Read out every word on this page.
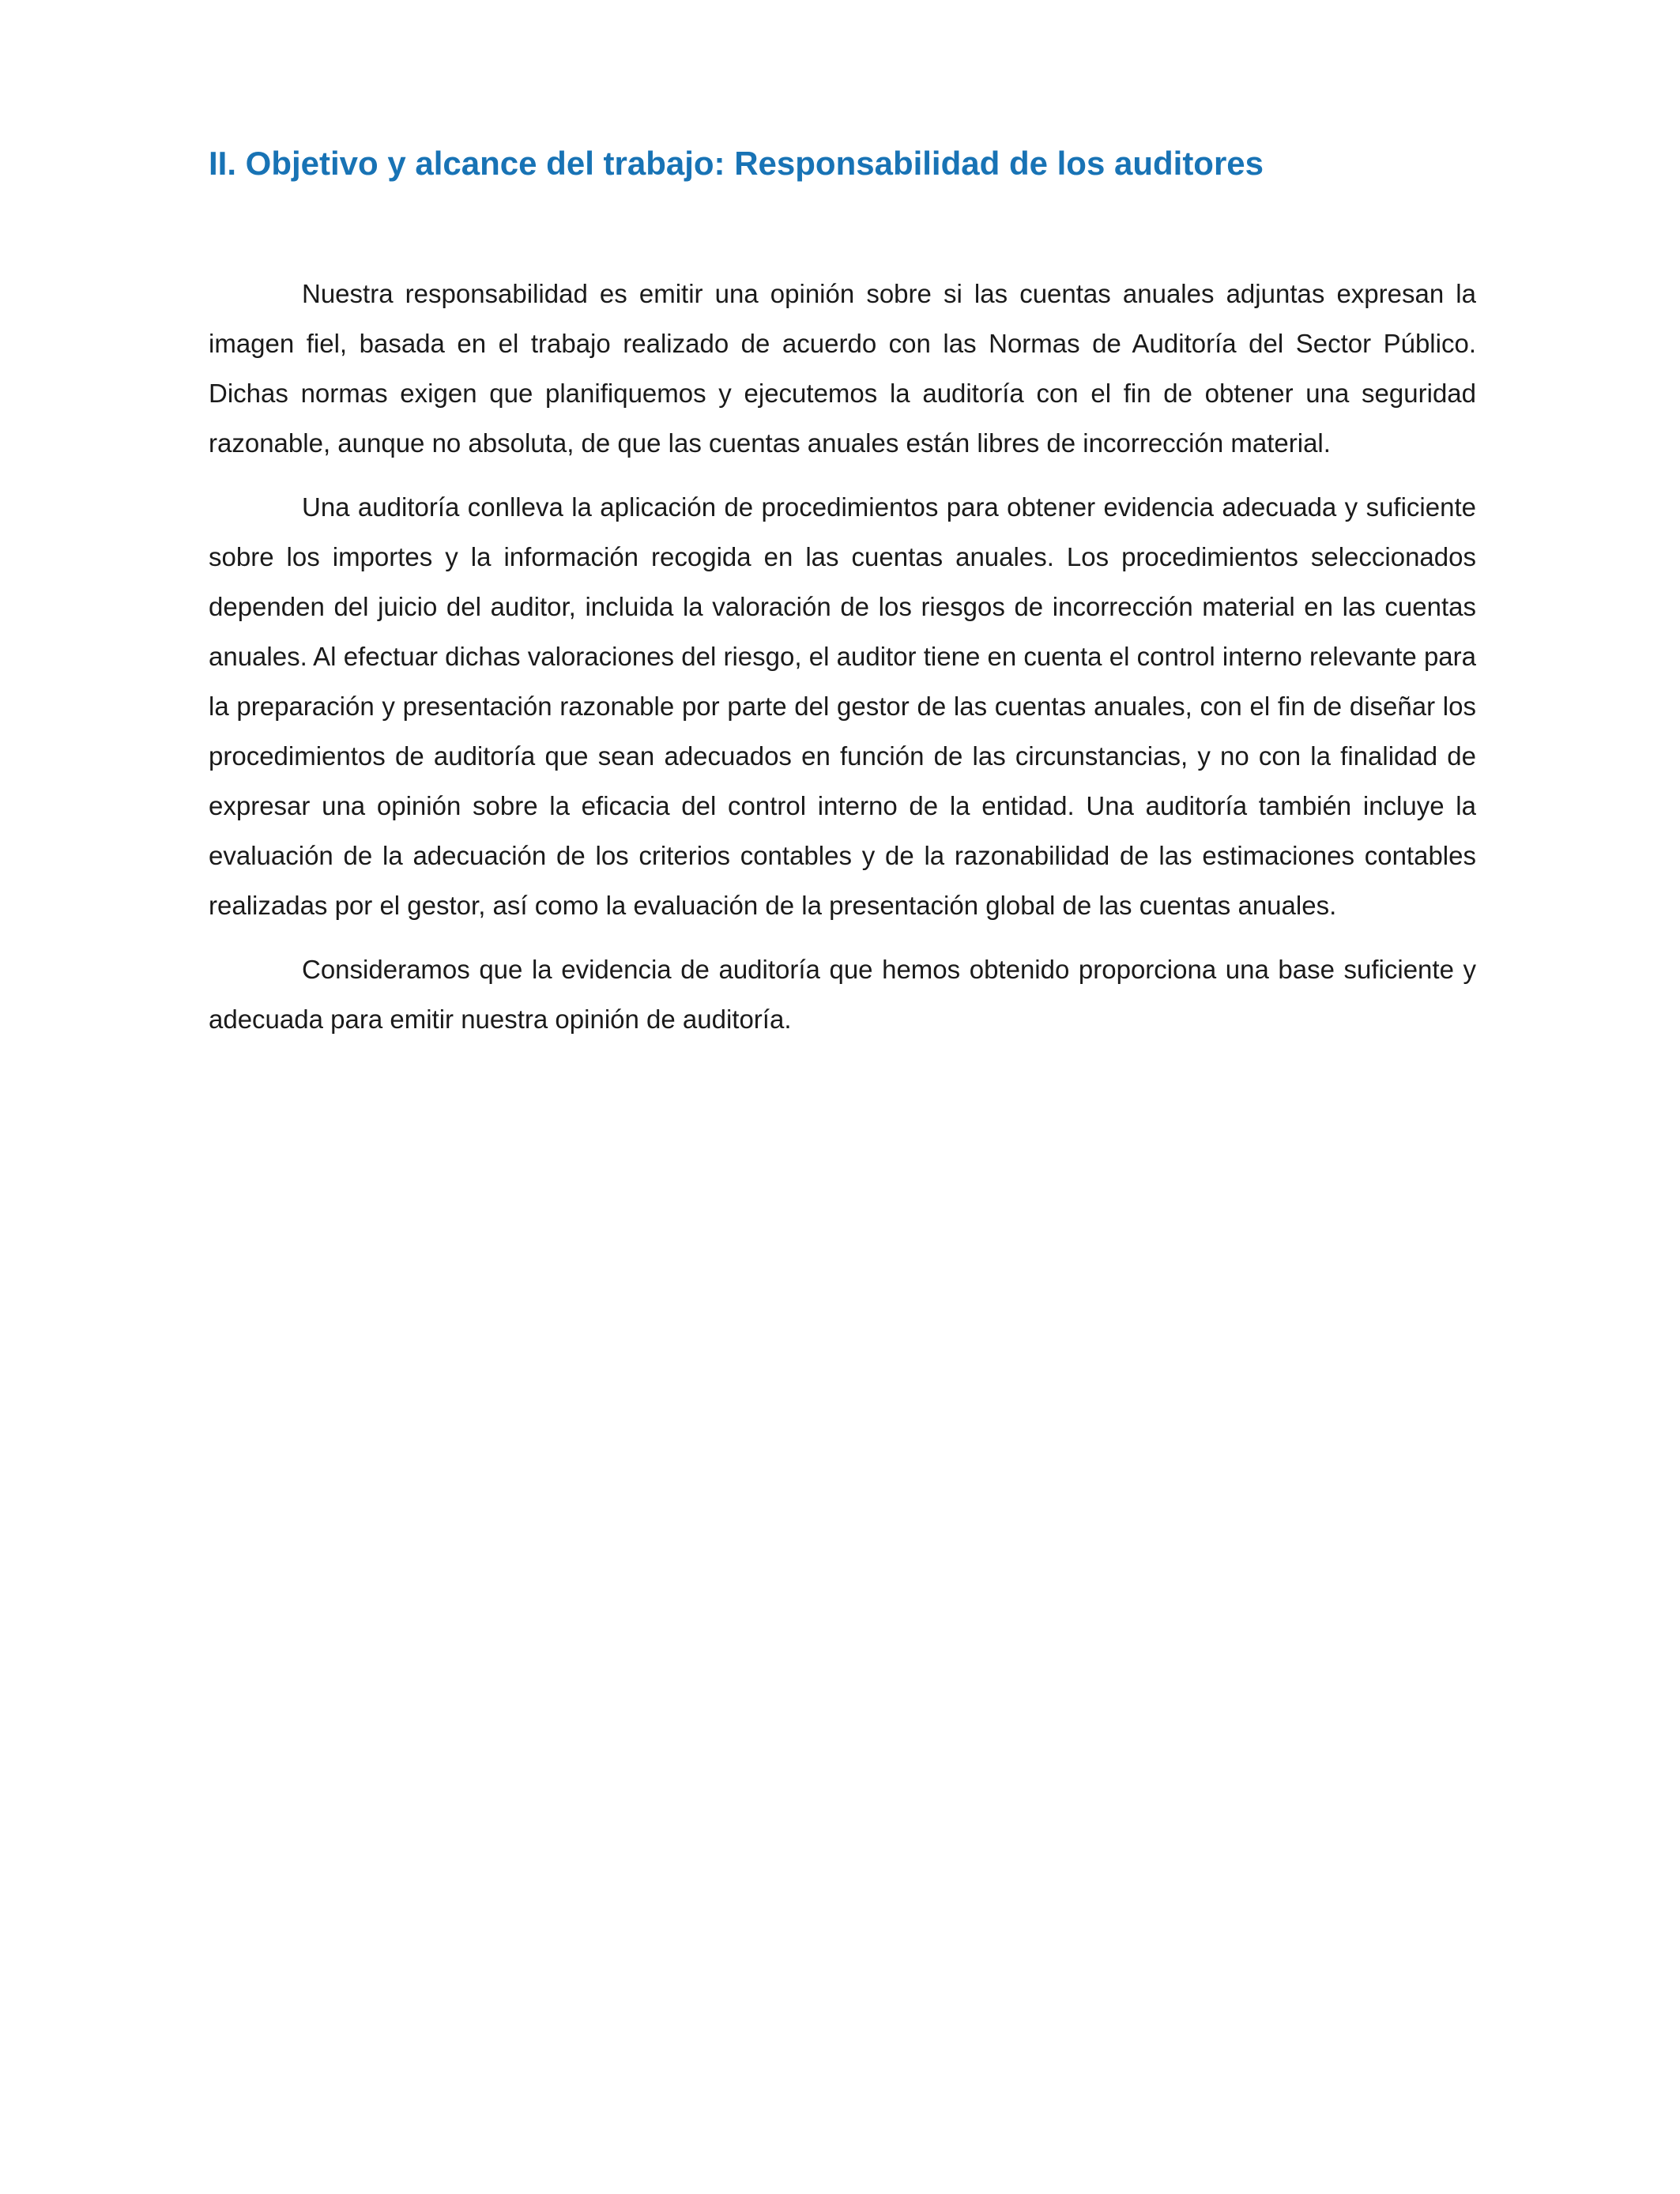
II. Objetivo y alcance del trabajo: Responsabilidad de los auditores

Nuestra responsabilidad es emitir una opinión sobre si las cuentas anuales adjuntas expresan la imagen fiel, basada en el trabajo realizado de acuerdo con las Normas de Auditoría del Sector Público. Dichas normas exigen que planifiquemos y ejecutemos la auditoría con el fin de obtener una seguridad razonable, aunque no absoluta, de que las cuentas anuales están libres de incorrección material.

Una auditoría conlleva la aplicación de procedimientos para obtener evidencia adecuada y suficiente sobre los importes y la información recogida en las cuentas anuales. Los procedimientos seleccionados dependen del juicio del auditor, incluida la valoración de los riesgos de incorrección material en las cuentas anuales. Al efectuar dichas valoraciones del riesgo, el auditor tiene en cuenta el control interno relevante para la preparación y presentación razonable por parte del gestor de las cuentas anuales, con el fin de diseñar los procedimientos de auditoría que sean adecuados en función de las circunstancias, y no con la finalidad de expresar una opinión sobre la eficacia del control interno de la entidad. Una auditoría también incluye la evaluación de la adecuación de los criterios contables y de la razonabilidad de las estimaciones contables realizadas por el gestor, así como la evaluación de la presentación global de las cuentas anuales.

Consideramos que la evidencia de auditoría que hemos obtenido proporciona una base suficiente y adecuada para emitir nuestra opinión de auditoría.
